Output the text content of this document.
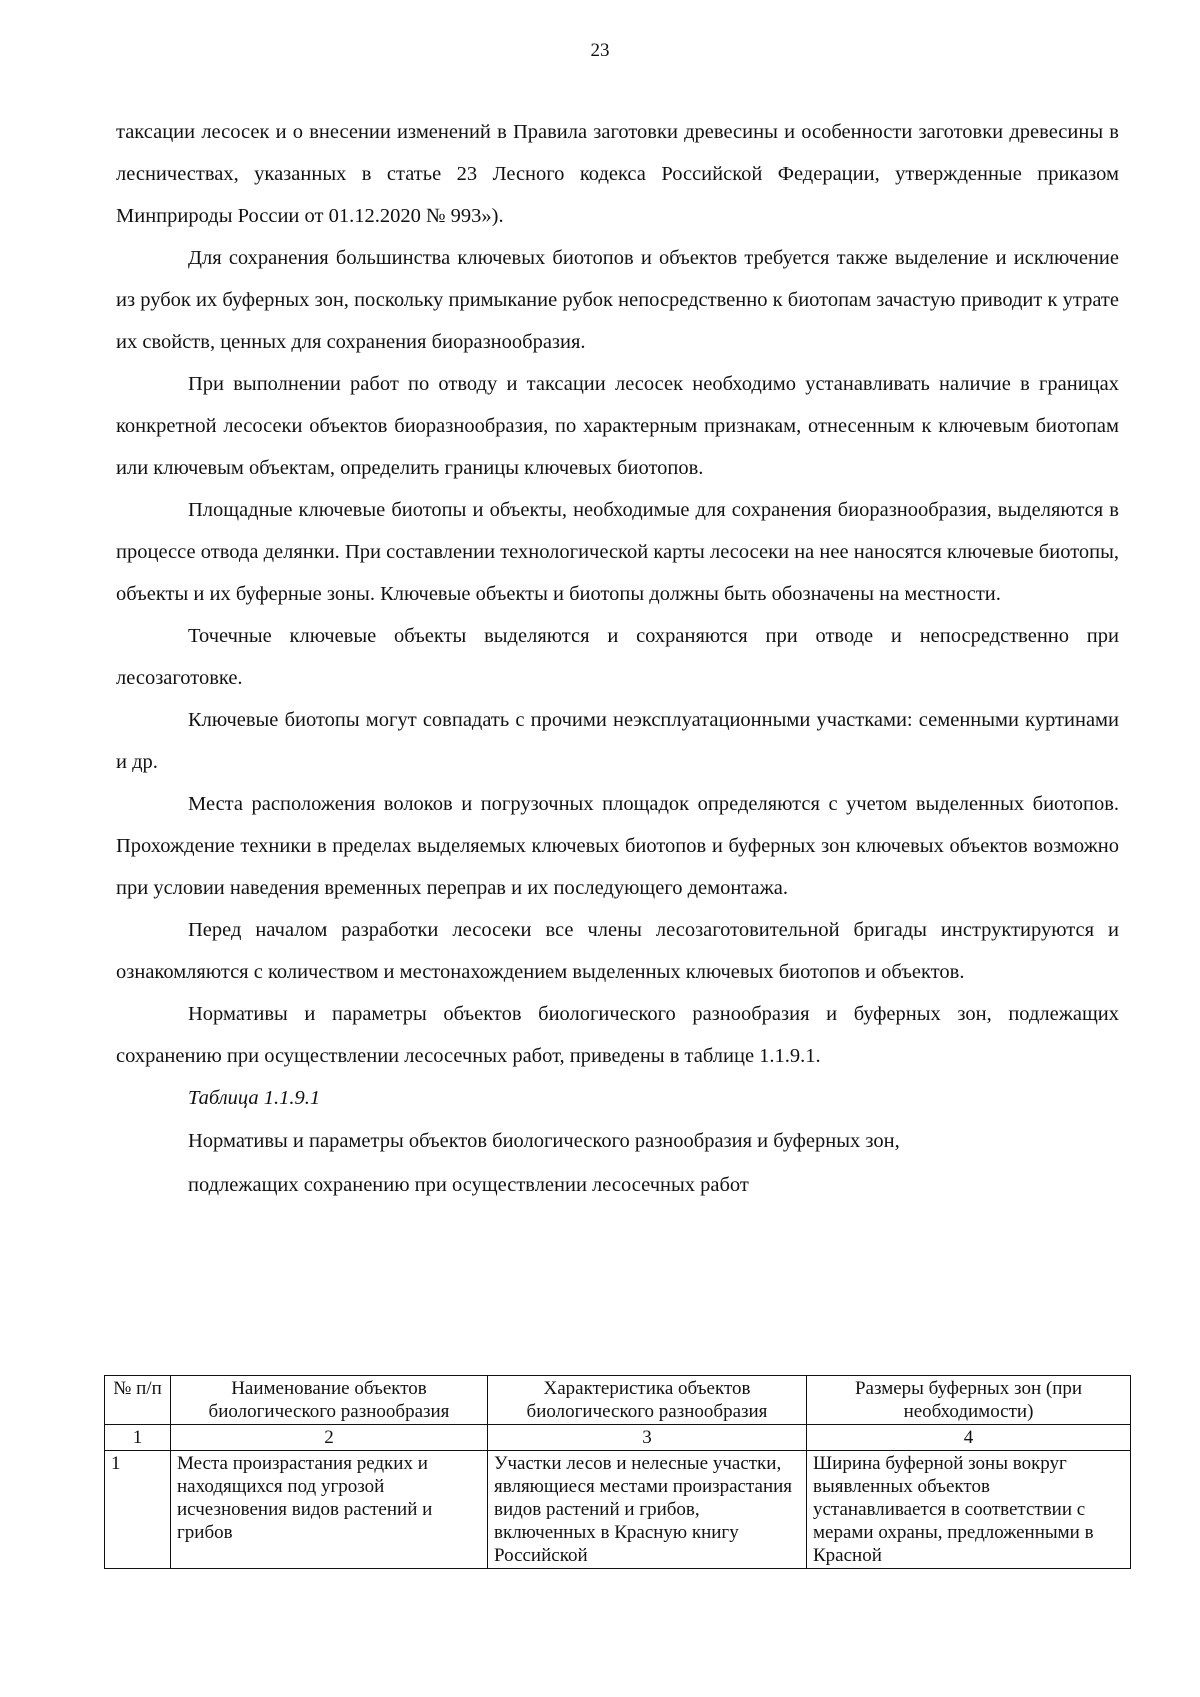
23

таксации лесосек и о внесении изменений в Правила заготовки древесины и особенности заготовки древесины в лесничествах, указанных в статье 23 Лесного кодекса Российской Федерации, утвержденные приказом Минприроды России от 01.12.2020 № 993»).

Для сохранения большинства ключевых биотопов и объектов требуется также выделение и исключение из рубок их буферных зон, поскольку примыкание рубок непосредственно к биотопам зачастую приводит к утрате их свойств, ценных для сохранения биоразнообразия.

При выполнении работ по отводу и таксации лесосек необходимо устанавливать наличие в границах конкретной лесосеки объектов биоразнообразия, по характерным признакам, отнесенным к ключевым биотопам или ключевым объектам, определить границы ключевых биотопов.

Площадные ключевые биотопы и объекты, необходимые для сохранения биоразнообразия, выделяются в процессе отвода делянки. При составлении технологической карты лесосеки на нее наносятся ключевые биотопы, объекты и их буферные зоны. Ключевые объекты и биотопы должны быть обозначены на местности.

Точечные ключевые объекты выделяются и сохраняются при отводе и непосредственно при лесозаготовке.

Ключевые биотопы могут совпадать с прочими неэксплуатационными участками: семенными куртинами и др.

Места расположения волоков и погрузочных площадок определяются с учетом выделенных биотопов. Прохождение техники в пределах выделяемых ключевых биотопов и буферных зон ключевых объектов возможно при условии наведения временных переправ и их последующего демонтажа.

Перед началом разработки лесосеки все члены лесозаготовительной бригады инструктируются и ознакомляются с количеством и местонахождением выделенных ключевых биотопов и объектов.

Нормативы и параметры объектов биологического разнообразия и буферных зон, подлежащих сохранению при осуществлении лесосечных работ, приведены в таблице 1.1.9.1.

Таблица 1.1.9.1

Нормативы и параметры объектов биологического разнообразия и буферных зон,

подлежащих сохранению при осуществлении лесосечных работ

№ п/п	Наименование объектов биологического разнообразия	Характеристика объектов биологического разнообразия	Размеры буферных зон (при необходимости)
1	2	3	4
1	Места произрастания редких и находящихся под угрозой исчезновения видов растений и грибов	Участки лесов и нелесные участки, являющиеся местами произрастания видов растений и грибов, включенных в Красную книгу Российской	Ширина буферной зоны вокруг выявленных объектов устанавливается в соответствии с мерами охраны, предложенными в Красной
